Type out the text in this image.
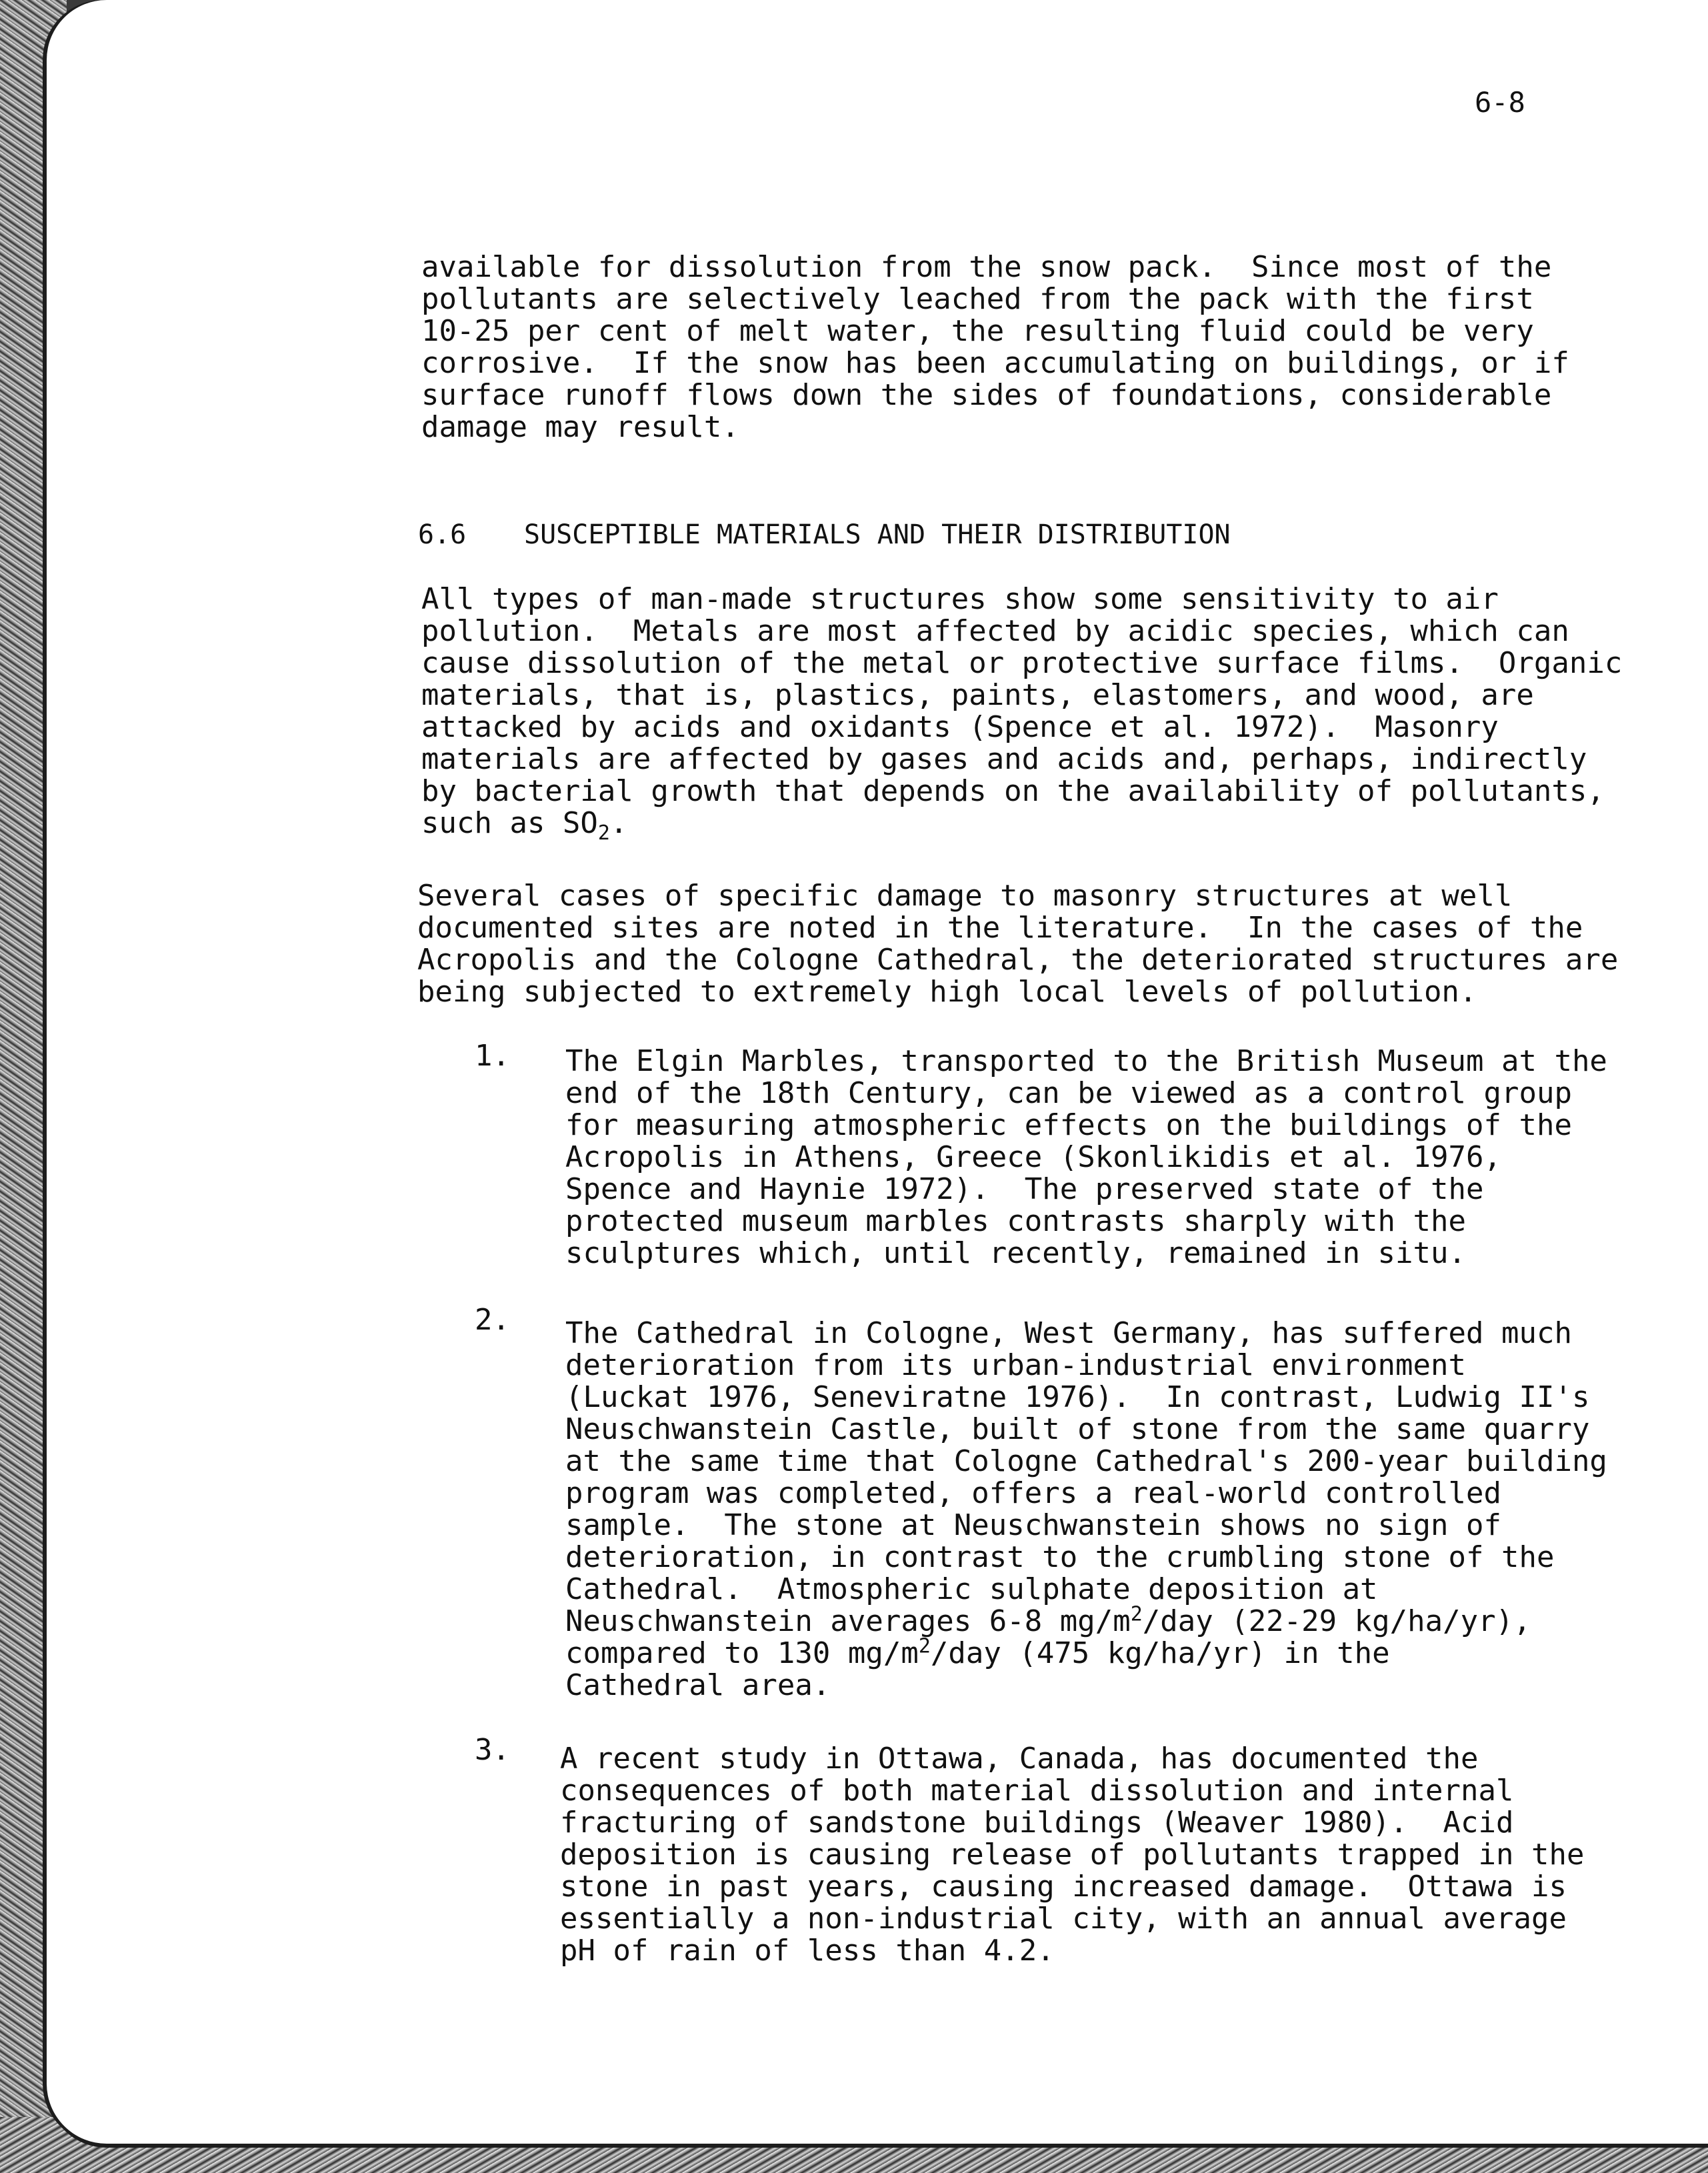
6-8

available for dissolution from the snow pack.  Since most of the
pollutants are selectively leached from the pack with the first
10-25 per cent of melt water, the resulting fluid could be very
corrosive.  If the snow has been accumulating on buildings, or if
surface runoff flows down the sides of foundations, considerable
damage may result.

6.6 SUSCEPTIBLE MATERIALS AND THEIR DISTRIBUTION

All types of man-made structures show some sensitivity to air
pollution.  Metals are most affected by acidic species, which can
cause dissolution of the metal or protective surface films.  Organic
materials, that is, plastics, paints, elastomers, and wood, are
attacked by acids and oxidants (Spence et al. 1972).  Masonry
materials are affected by gases and acids and, perhaps, indirectly
by bacterial growth that depends on the availability of pollutants,
such as $SO_2$.

Several cases of specific damage to masonry structures at well
documented sites are noted in the literature.  In the cases of the
Acropolis and the Cologne Cathedral, the deteriorated structures are
being subjected to extremely high local levels of pollution.

1. The Elgin Marbles, transported to the British Museum at the
end of the 18th Century, can be viewed as a control group
for measuring atmospheric effects on the buildings of the
Acropolis in Athens, Greece (Skonlikidis et al. 1976,
Spence and Haynie 1972).  The preserved state of the
protected museum marbles contrasts sharply with the
sculptures which, until recently, remained in situ.

2. The Cathedral in Cologne, West Germany, has suffered much
deterioration from its urban-industrial environment
(Luckat 1976, Seneviratne 1976).  In contrast, Ludwig II's
Neuschwanstein Castle, built of stone from the same quarry
at the same time that Cologne Cathedral's 200-year building
program was completed, offers a real-world controlled
sample.  The stone at Neuschwanstein shows no sign of
deterioration, in contrast to the crumbling stone of the
Cathedral.  Atmospheric sulphate deposition at
Neuschwanstein averages 6-8 $mg/m^2$/day (22-29 kg/ha/yr),
compared to 130 $mg/m^2$/day (475 kg/ha/yr) in the
Cathedral area.

3. A recent study in Ottawa, Canada, has documented the
consequences of both material dissolution and internal
fracturing of sandstone buildings (Weaver 1980).  Acid
deposition is causing release of pollutants trapped in the
stone in past years, causing increased damage.  Ottawa is
essentially a non-industrial city, with an annual average
pH of rain of less than 4.2.
